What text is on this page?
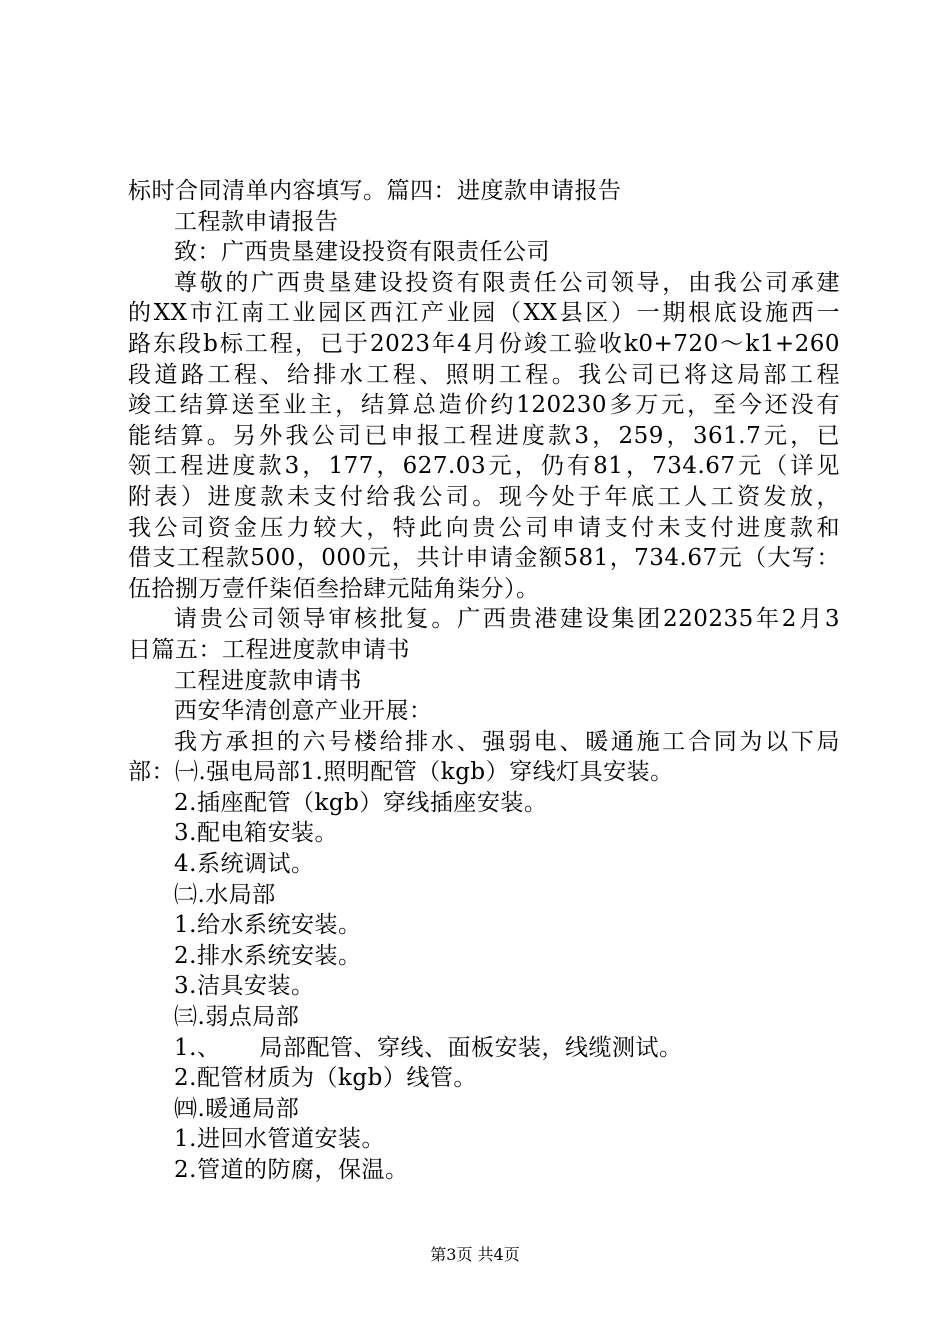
标时合同清单内容填写。篇四：进度款申请报告
工程款申请报告
致：广西贵垦建设投资有限责任公司
尊敬的广西贵垦建设投资有限责任公司领导，由我公司承建
的XX市江南工业园区西江产业园（XX县区）一期根底设施西一
路东段b标工程，已于2023年4月份竣工验收k0+720～k1+260
段道路工程、给排水工程、照明工程。我公司已将这局部工程
竣工结算送至业主，结算总造价约120230多万元，至今还没有
能结算。另外我公司已申报工程进度款3，259，361.7元，已
领工程进度款3，177，627.03元，仍有81，734.67元（详见
附表）进度款未支付给我公司。现今处于年底工人工资发放，
我公司资金压力较大，特此向贵公司申请支付未支付进度款和
借支工程款500，000元，共计申请金额581，734.67元（大写：
伍拾捌万壹仟柒佰叁拾肆元陆角柒分）。
请贵公司领导审核批复。广西贵港建设集团220235年2月3
日篇五：工程进度款申请书
工程进度款申请书
西安华清创意产业开展：
我方承担的六号楼给排水、强弱电、暖通施工合同为以下局
部：㈠.强电局部1.照明配管（kgb）穿线灯具安装。
2.插座配管（kgb）穿线插座安装。
3.配电箱安装。
4.系统调试。
㈡.水局部
1.给水系统安装。
2.排水系统安装。
3.洁具安装。
㈢.弱点局部
1.、     局部配管、穿线、面板安装，线缆测试。
2.配管材质为（kgb）线管。
㈣.暖通局部
1.进回水管道安装。
2.管道的防腐，保温。
第3页 共4页
